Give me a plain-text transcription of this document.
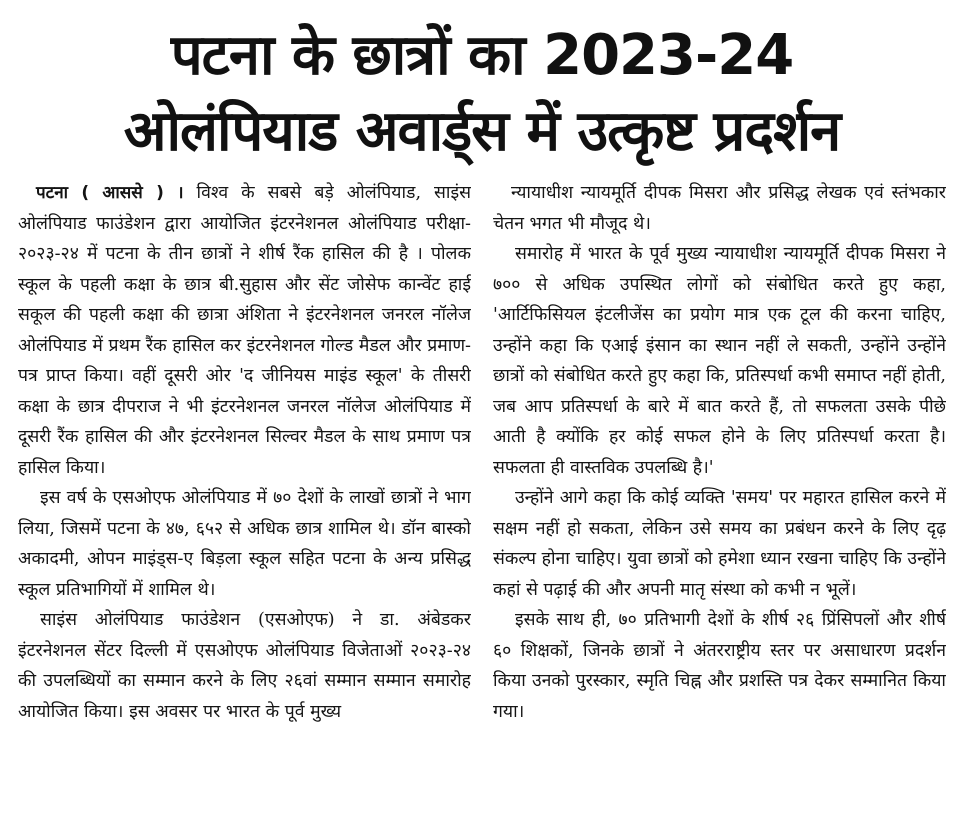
पटना के छात्रों का 2023-24
ओलंपियाड अवार्ड्स में उत्कृष्ट प्रदर्शन

पटना ( आससे ) । विश्व के सबसे बड़े ओलंपियाड, साइंस ओलंपियाड फाउंडेशन द्वारा आयोजित इंटरनेशनल ओलंपियाड परीक्षा- २०२३-२४ में पटना के तीन छात्रों ने शीर्ष रैंक हासिल की है । पोलक स्कूल के पहली कक्षा के छात्र बी.सुहास और सेंट जोसेफ कान्वेंट हाई सकूल की पहली कक्षा की छात्रा अंशिता ने इंटरनेशनल जनरल नॉलेज ओलंपियाड में प्रथम रैंक हासिल कर इंटरनेशनल गोल्ड मैडल और प्रमाण-पत्र प्राप्त किया। वहीं दूसरी ओर 'द जीनियस माइंड स्कूल' के तीसरी कक्षा के छात्र दीपराज ने भी इंटरनेशनल जनरल नॉलेज ओलंपियाड में दूसरी रैंक हासिल की और इंटरनेशनल सिल्वर मैडल के साथ प्रमाण पत्र हासिल किया।

इस वर्ष के एसओएफ ओलंपियाड में ७० देशों के लाखों छात्रों ने भाग लिया, जिसमें पटना के ४७, ६५२ से अधिक छात्र शामिल थे। डॉन बास्को अकादमी, ओपन माइंड्स-ए बिड़ला स्कूल सहित पटना के अन्य प्रसिद्ध स्कूल प्रतिभागियों में शामिल थे।

साइंस ओलंपियाड फाउंडेशन (एसओएफ) ने डा. अंबेडकर इंटरनेशनल सेंटर दिल्ली में एसओएफ ओलंपियाड विजेताओं २०२३-२४ की उपलब्धियों का सम्मान करने के लिए २६वां सम्मान सम्मान समारोह आयोजित किया। इस अवसर पर भारत के पूर्व मुख्य

न्यायाधीश न्यायमूर्ति दीपक मिसरा और प्रसिद्ध लेखक एवं स्तंभकार चेतन भगत भी मौजूद थे।

समारोह में भारत के पूर्व मुख्य न्यायाधीश न्यायमूर्ति दीपक मिसरा ने ७०० से अधिक उपस्थित लोगों को संबोधित करते हुए कहा, 'आर्टिफिसियल इंटलीजेंस का प्रयोग मात्र एक टूल की करना चाहिए, उन्होंने कहा कि एआई इंसान का स्थान नहीं ले सकती, उन्होंने उन्होंने छात्रों को संबोधित करते हुए कहा कि, प्रतिस्पर्धा कभी समाप्त नहीं होती, जब आप प्रतिस्पर्धा के बारे में बात करते हैं, तो सफलता उसके पीछे आती है क्योंकि हर कोई सफल होने के लिए प्रतिस्पर्धा करता है। सफलता ही वास्तविक उपलब्धि है।'

उन्होंने आगे कहा कि कोई व्यक्ति 'समय' पर महारत हासिल करने में सक्षम नहीं हो सकता, लेकिन उसे समय का प्रबंधन करने के लिए दृढ़ संकल्प होना चाहिए। युवा छात्रों को हमेशा ध्यान रखना चाहिए कि उन्होंने कहां से पढ़ाई की और अपनी मातृ संस्था को कभी न भूलें।

इसके साथ ही, ७० प्रतिभागी देशों के शीर्ष २६ प्रिंसिपलों और शीर्ष ६० शिक्षकों, जिनके छात्रों ने अंतरराष्ट्रीय स्तर पर असाधारण प्रदर्शन किया उनको पुरस्कार, स्मृति चिह्न और प्रशस्ति पत्र देकर सम्मानित किया गया।
